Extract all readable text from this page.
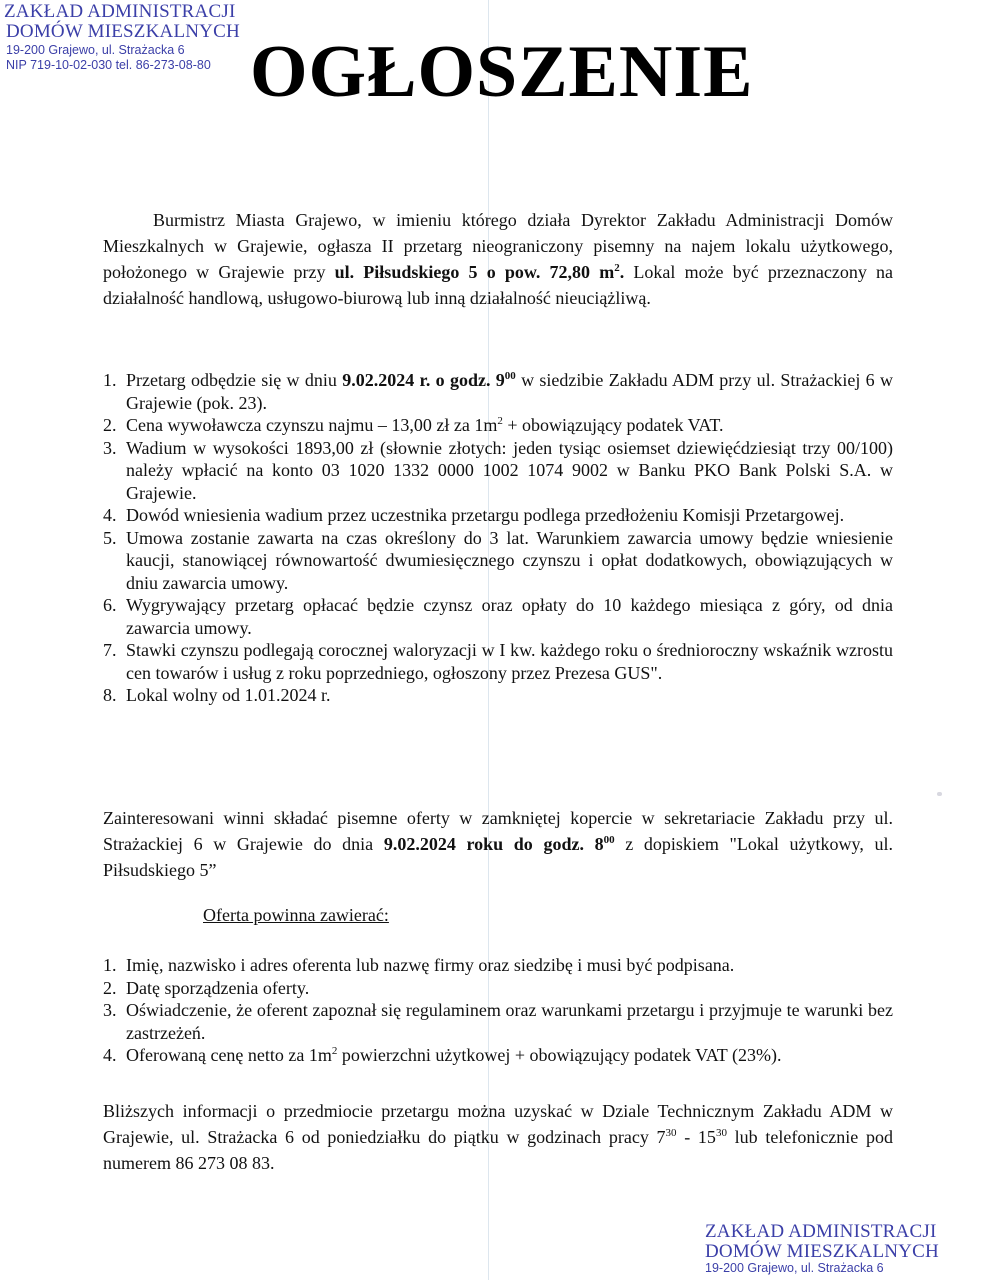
ZAKŁAD ADMINISTRACJI
DOMÓW MIESZKALNYCH
19-200 Grajewo, ul. Strażacka 6
NIP 719-10-02-030 tel. 86-273-08-80 OGŁOSZENIE
Burmistrz Miasta Grajewo, w imieniu którego działa Dyrektor Zakładu Administracji Domów Mieszkalnych w Grajewie, ogłasza II przetarg nieograniczony pisemny na najem lokalu użytkowego, położonego w Grajewie przy ul. Piłsudskiego 5 o pow. 72,80 $m^2$. Lokal może być przeznaczony na działalność handlową, usługowo-biurową lub inną działalność nieuciążliwą.
1. Przetarg odbędzie się w dniu 9.02.2024 r. o godz. $9^{00}$ w siedzibie Zakładu ADM przy ul. Strażackiej 6 w Grajewie (pok. 23).
2. Cena wywoławcza czynszu najmu – 13,00 zł za $1m^2$ + obowiązujący podatek VAT.
3. Wadium w wysokości 1893,00 zł (słownie złotych: jeden tysiąc osiemset dziewięćdziesiąt trzy 00/100) należy wpłacić na konto 03 1020 1332 0000 1002 1074 9002 w Banku PKO Bank Polski S.A. w Grajewie.
4. Dowód wniesienia wadium przez uczestnika przetargu podlega przedłożeniu Komisji Przetargowej.
5. Umowa zostanie zawarta na czas określony do 3 lat. Warunkiem zawarcia umowy będzie wniesienie kaucji, stanowiącej równowartość dwumiesięcznego czynszu i opłat dodatkowych, obowiązujących w dniu zawarcia umowy.
6. Wygrywający przetarg opłacać będzie czynsz oraz opłaty do 10 każdego miesiąca z góry, od dnia zawarcia umowy.
7. Stawki czynszu podlegają corocznej waloryzacji w I kw. każdego roku o średnioroczny wskaźnik wzrostu cen towarów i usług z roku poprzedniego, ogłoszony przez Prezesa GUS".
8. Lokal wolny od 1.01.2024 r.
Zainteresowani winni składać pisemne oferty w zamkniętej kopercie w sekretariacie Zakładu przy ul. Strażackiej 6 w Grajewie do dnia 9.02.2024 roku do godz. $8^{00}$ z dopiskiem "Lokal użytkowy, ul. Piłsudskiego 5”
Oferta powinna zawierać:
1. Imię, nazwisko i adres oferenta lub nazwę firmy oraz siedzibę i musi być podpisana.
2. Datę sporządzenia oferty.
3. Oświadczenie, że oferent zapoznał się regulaminem oraz warunkami przetargu i przyjmuje te warunki bez zastrzeżeń.
4. Oferowaną cenę netto za $1m^2$ powierzchni użytkowej + obowiązujący podatek VAT (23%).
Bliższych informacji o przedmiocie przetargu można uzyskać w Dziale Technicznym Zakładu ADM w Grajewie, ul. Strażacka 6 od poniedziałku do piątku w godzinach pracy $7^{30} - 15^{30}$ lub telefonicznie pod numerem 86 273 08 83.
ZAKŁAD ADMINISTRACJI
DOMÓW MIESZKALNYCH
19-200 Grajewo, ul. Strażacka 6
